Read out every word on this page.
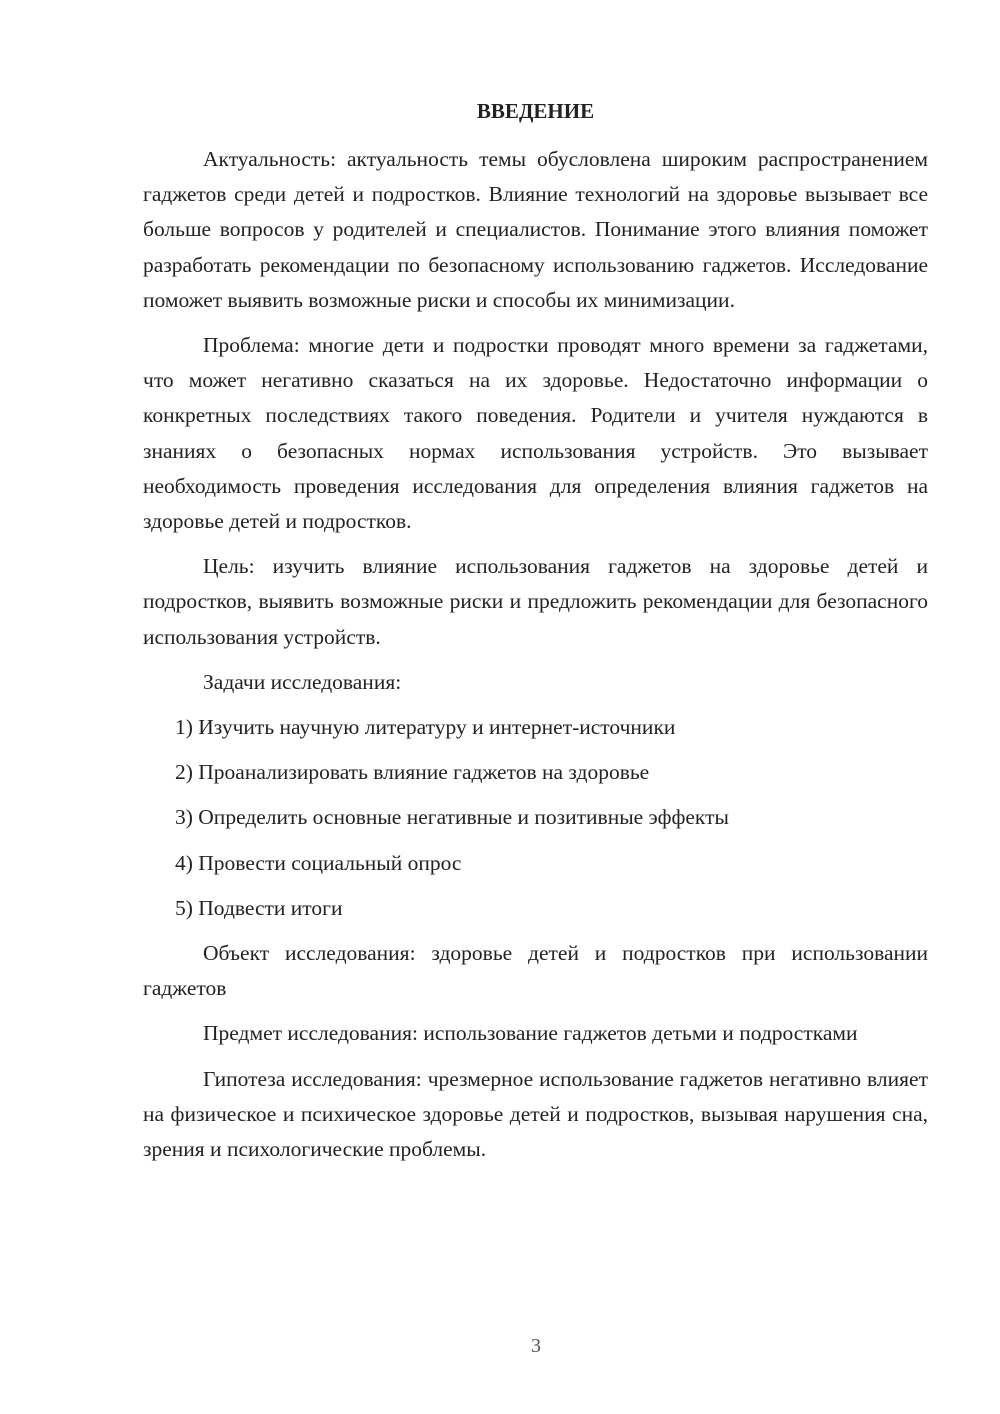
ВВЕДЕНИЕ

Актуальность: актуальность темы обусловлена широким распространением гаджетов среди детей и подростков. Влияние технологий на здоровье вызывает все больше вопросов у родителей и специалистов. Понимание этого влияния поможет разработать рекомендации по безопасному использованию гаджетов. Исследование поможет выявить возможные риски и способы их минимизации.

Проблема: многие дети и подростки проводят много времени за гаджетами, что может негативно сказаться на их здоровье. Недостаточно информации о конкретных последствиях такого поведения. Родители и учителя нуждаются в знаниях о безопасных нормах использования устройств. Это вызывает необходимость проведения исследования для определения влияния гаджетов на здоровье детей и подростков.

Цель: изучить влияние использования гаджетов на здоровье детей и подростков, выявить возможные риски и предложить рекомендации для безопасного использования устройств.

Задачи исследования:

1) Изучить научную литературу и интернет-источники

2) Проанализировать влияние гаджетов на здоровье

3) Определить основные негативные и позитивные эффекты

4) Провести социальный опрос

5) Подвести итоги

Объект исследования: здоровье детей и подростков при использовании гаджетов

Предмет исследования: использование гаджетов детьми и подростками

Гипотеза исследования: чрезмерное использование гаджетов негативно влияет на физическое и психическое здоровье детей и подростков, вызывая нарушения сна, зрения и психологические проблемы.

3
